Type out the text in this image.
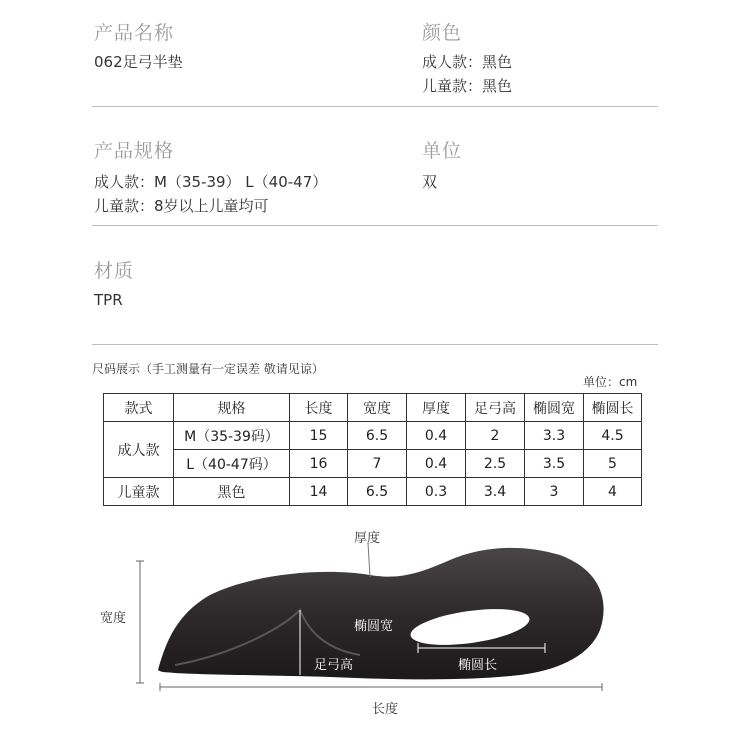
产品名称
062足弓半垫
颜色
成人款：黑色
儿童款：黑色
产品规格
成人款：M（35-39） L（40-47）
儿童款：8岁以上儿童均可
单位
双
材质
TPR
尺码展示（手工测量有一定误差 敬请见谅）
单位：cm
款式	规格	长度	宽度	厚度	足弓高	椭圆宽	椭圆长
成人款	M（35-39码）	15	6.5	0.4	2	3.3	4.5
	L（40-47码）	16	7	0.4	2.5	3.5	5
儿童款	黑色	14	6.5	0.3	3.4	3	4
厚度
宽度
椭圆宽
足弓高	椭圆长
长度
